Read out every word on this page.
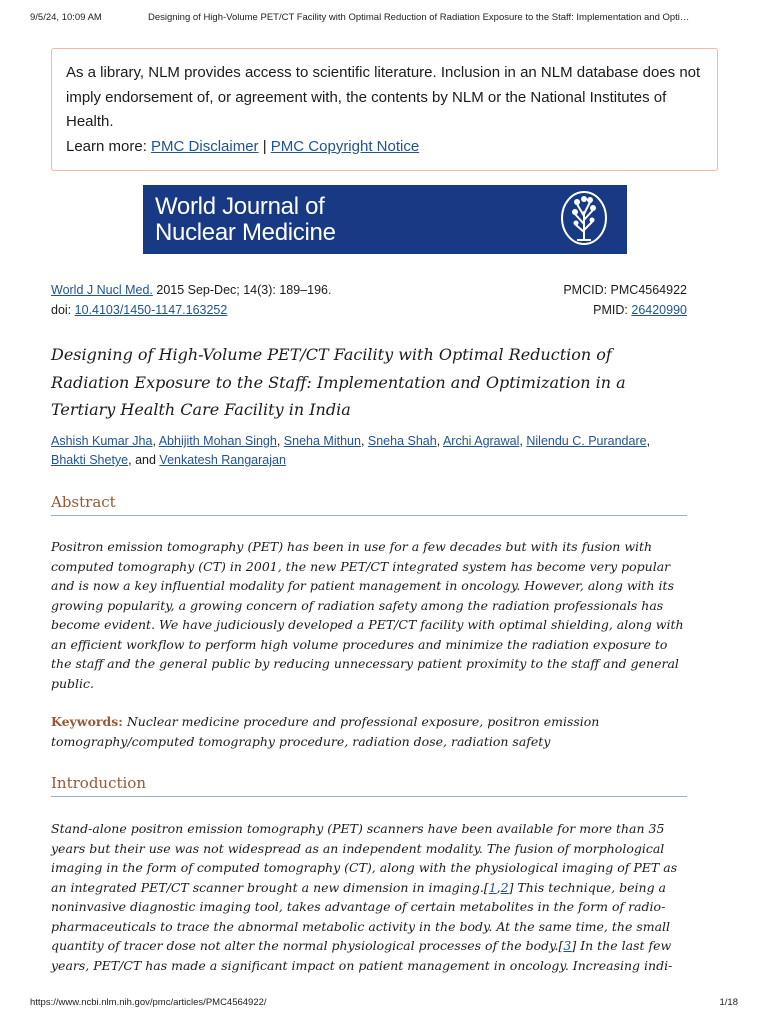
9/5/24, 10:09 AM	Designing of High-Volume PET/CT Facility with Optimal Reduction of Radiation Exposure to the Staff: Implementation and Opti…
As a library, NLM provides access to scientific literature. Inclusion in an NLM database does not imply endorsement of, or agreement with, the contents by NLM or the National Institutes of Health.
Learn more: PMC Disclaimer | PMC Copyright Notice
World Journal of
Nuclear Medicine
World J Nucl Med. 2015 Sep-Dec; 14(3): 189–196.	PMCID: PMC4564922
doi: 10.4103/1450-1147.163252	PMID: 26420990
Designing of High-Volume PET/CT Facility with Optimal Reduction of Radiation Exposure to the Staff: Implementation and Optimization in a Tertiary Health Care Facility in India
Ashish Kumar Jha, Abhijith Mohan Singh, Sneha Mithun, Sneha Shah, Archi Agrawal, Nilendu C. Purandare,
Bhakti Shetye, and Venkatesh Rangarajan
Abstract
Positron emission tomography (PET) has been in use for a few decades but with its fusion with computed tomography (CT) in 2001, the new PET/CT integrated system has become very popular and is now a key influential modality for patient management in oncology. However, along with its growing popularity, a growing concern of radiation safety among the radiation professionals has become evident. We have judiciously developed a PET/CT facility with optimal shielding, along with an efficient workflow to perform high volume procedures and minimize the radiation exposure to the staff and the general public by reducing unnecessary patient proximity to the staff and general public.
Keywords: Nuclear medicine procedure and professional exposure, positron emission tomography/computed tomography procedure, radiation dose, radiation safety
Introduction
Stand-alone positron emission tomography (PET) scanners have been available for more than 35 years but their use was not widespread as an independent modality. The fusion of morphological imaging in the form of computed tomography (CT), along with the physiological imaging of PET as an integrated PET/CT scanner brought a new dimension in imaging.[1,2] This technique, being a noninvasive diagnostic imaging tool, takes advantage of certain metabolites in the form of radio-pharmaceuticals to trace the abnormal metabolic activity in the body. At the same time, the small quantity of tracer dose not alter the normal physiological processes of the body.[3] In the last few years, PET/CT has made a significant impact on patient management in oncology. Increasing indi-
https://www.ncbi.nlm.nih.gov/pmc/articles/PMC4564922/	1/18
